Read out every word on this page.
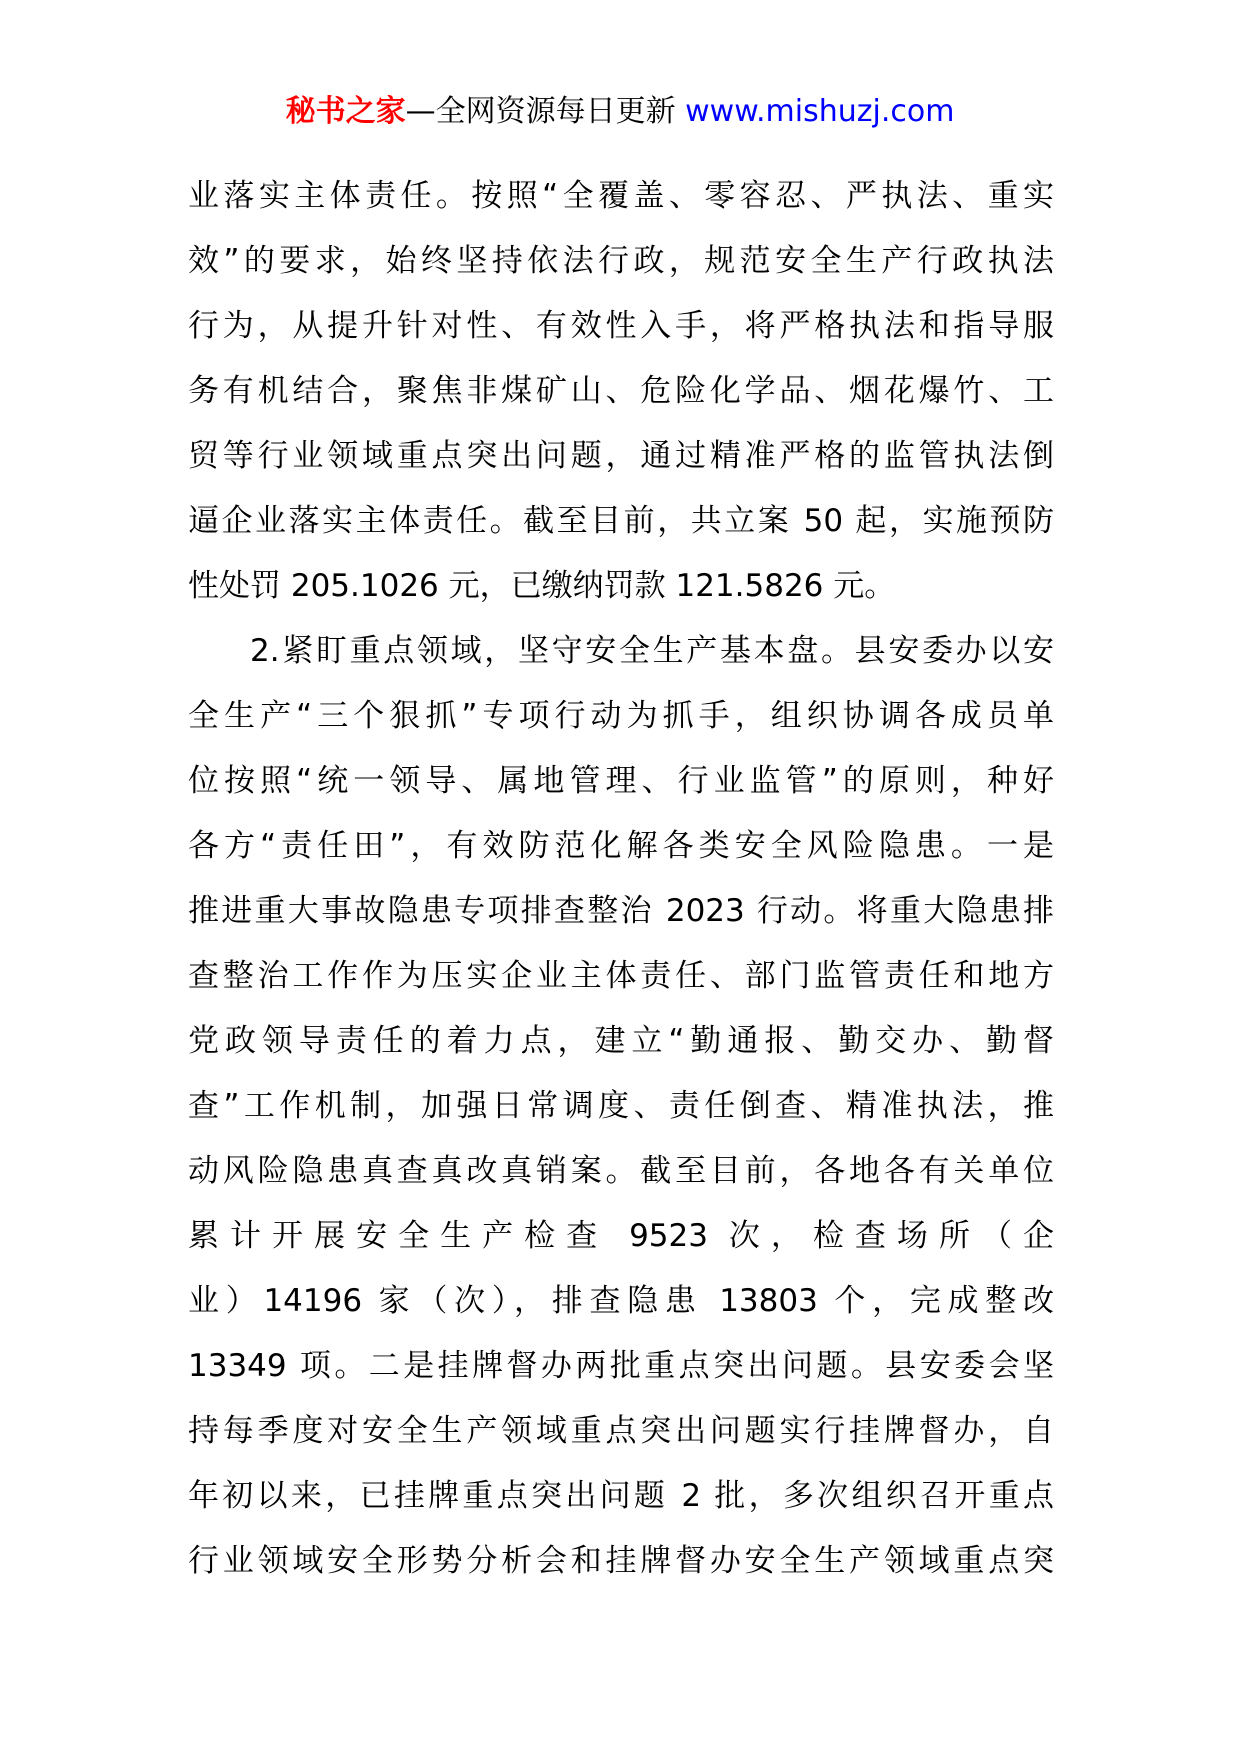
秘书之家—全网资源每日更新 www.mishuzj.com
业落实主体责任。按照“全覆盖、零容忍、严执法、重实
效”的要求，始终坚持依法行政，规范安全生产行政执法
行为，从提升针对性、有效性入手，将严格执法和指导服
务有机结合，聚焦非煤矿山、危险化学品、烟花爆竹、工
贸等行业领域重点突出问题，通过精准严格的监管执法倒
逼企业落实主体责任。截至目前，共立案 50 起，实施预防
性处罚 205.1026 元，已缴纳罚款 121.5826 元。
2.紧盯重点领域，坚守安全生产基本盘。县安委办以安
全生产“三个狠抓”专项行动为抓手，组织协调各成员单
位按照“统一领导、属地管理、行业监管”的原则，种好
各方“责任田”，有效防范化解各类安全风险隐患。一是
推进重大事故隐患专项排查整治 2023 行动。将重大隐患排
查整治工作作为压实企业主体责任、部门监管责任和地方
党政领导责任的着力点，建立“勤通报、勤交办、勤督
查”工作机制，加强日常调度、责任倒查、精准执法，推
动风险隐患真查真改真销案。截至目前，各地各有关单位
累计开展安全生产检查 9523 次，检查场所（企
业）14196 家（次），排查隐患 13803 个，完成整改
13349 项。二是挂牌督办两批重点突出问题。县安委会坚
持每季度对安全生产领域重点突出问题实行挂牌督办，自
年初以来，已挂牌重点突出问题 2 批，多次组织召开重点
行业领域安全形势分析会和挂牌督办安全生产领域重点突
